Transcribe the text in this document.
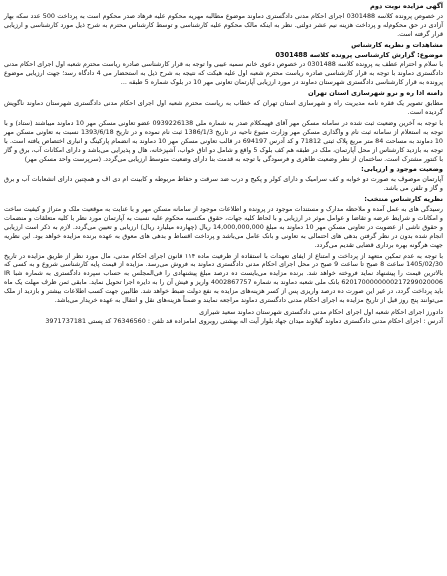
آگهی مزایده نوبت دوم
در خصوص پرونده کلاسه 0301488 اجرای احکام مدنی دادگستری دماوند موضوع مطالبه مهریه محکوم علیه فرهاد صدر محکوم است به پرداخت 500 عدد سکه بهار آزادی در حق محکوم‌له و پرداخت هزینه نیم عشر دولتی. نظر به اینکه مالک محکوم علیه کارشناسی و توسط کارشناس محترم به شرح ذیل مورد کارشناسی و ارزیابی قرار گرفته است.
مشاهدات و نظریه کارشناس
موضوع: گزارش کارشناسی پرونده کلاسه 0301488
با سلام و احترام عطف به پرونده کلاسه 0301488 در خصوص دعوی خانم سمیه عیبی وا توجه به قرار کارشناسی صادره ریاست محترم شعبه اول اجرای احکام مدنی دادگستری دماوند با توجه به قرار کارشناسی صادره ریاست محترم شعبه اول علیه هیکت که نتیجه به شرح ذیل به استحضار می 4 دادگاه رسد؛ جهت ارزیابی موضوع پرونده به قرار کارشناسی دادگستری شهرستان دماوند در مورد ارزیابی آپارتمان تعاونی مهر 10 در بلوک شماره 5 طبقه ...
دامنه اذا ره و نرو شهرسازی استان تهران
مطابق تصویر یک فقره نامه مدیریت راه و شهرسازی استان تهران که خطاب به ریاست محترم شعبه اول اجرای احکام مدنی دادگستری شهرستان دماوند ناگویش گردیده است.
با توجه به آخرین وضعیت ثبت شده در سامانه مسکن مهر آقای فهیمکلام صدر به شماره ملی 0939226138 عضو تعاونی مسکن مهر 10 دماوند میباشند (ستاد) و با توجه به استعلام از سامانه ثبت نام و واگذاری مسکن مهر وزارت متبوع ناحیه در تاریخ 1386/1/3 ثبت نام نموده و در تاریخ 1393/6/18 نسبت به تعاونی مسکن مهر 10 دماوند به مساحت 84 متر مربع پلاک ثبتی 71812 و کد آدرس 694197 در قالب تعاونی مسکن مهر 10 دماوند به انضمام پارکینگ و انباری اختصاص یافته است. با توجه به بازدید کارشناس از محل آپارتمان، ملک در طبقه هم کف بلوک 5 واقع و شامل دو اتاق خواب، آشپزخانه، هال و پذیرایی می‌باشد و دارای امکانات آب، برق و گاز با کنتور مشترک است. ساختمان از نظر وضعیت ظاهری و فرسودگی با توجه به قدمت بنا دارای وضعیت متوسط ارزیابی می‌گردد. (سرپرست واحد مسکن مهر)
وضعیت موجود و ارزیابی:
آپارتمان موصوف به صورت دو خوابه و کف سرامیک و دارای کولر و پکیج و درب ضد سرقت و حفاظ مربوطه و کابینت ام دی اف و همچنین دارای انشعابات آب و برق و گاز و تلفن می باشد.
نظریه کارشناس منتخب:
رسیدگی های به عمل آمده و ملاحظه مدارک و مستندات موجود در پرونده و اطلاعات موجود از سامانه مسکن مهر و با عنایت به موقعیت ملک و متراژ و کیفیت ساخت و امکانات و شرایط عرضه و تقاضا و عوامل موثر در ارزیابی و با لحاظ کلیه جهات، حقوق مکتسبه محکوم علیه نسبت به آپارتمان مورد نظر با کلیه متعلقات و منضمات و حقوق ناشی از عضویت در تعاونی مسکن مهر 10 دماوند به مبلغ 14,000,000,000 ریال (چهارده میلیارد ریال) ارزیابی و تعیین می‌گردد. لازم به ذکر است ارزیابی انجام شده بدون در نظر گرفتن بدهی های احتمالی به تعاونی و بانک عامل می‌باشد و پرداخت اقساط و بدهی های معوق به عهده برنده مزایده خواهد بود. این نظریه جهت هرگونه بهره برداری قضایی تقدیم می‌گردد.
با توجه به عدم تمکین متعهد از پرداخت و امتناع از ایفای تعهدات با استفاده از ظرفیت ماده ۱۱۴ قانون اجرای احکام مدنی، مال مورد نظر از طریق مزایده در تاریخ 1405/02/30 ساعت 8 صبح تا ساعت 9 صبح در محل اجرای احکام مدنی دادگستری دماوند به فروش می‌رسد. مزایده از قیمت پایه کارشناسی شروع و به کسی که بالاترین قیمت را پیشنهاد نماید فروخته خواهد شد. برنده مزایده می‌بایست ده درصد مبلغ پیشنهادی را فی‌المجلس به حساب سپرده دادگستری به شماره شبا IR 6201700000000217299020006 بانک ملی شعبه دماوند به شماره 4002867757 واریز و فیش آن را به دایره اجرا تحویل نماید. مابقی ثمن ظرف مهلت یک ماه باید پرداخت گردد، در غیر این صورت ده درصد واریزی پس از کسر هزینه‌های مزایده به نفع دولت ضبط خواهد شد. طالبین جهت کسب اطلاعات بیشتر و بازدید از ملک می‌توانند پنج روز قبل از تاریخ مزایده به اجرای احکام مدنی دادگستری دماوند مراجعه نمایند و ضمناً هزینه‌های نقل و انتقال به عهده خریدار می‌باشد.
دادورز اجرای احکام شعبه اول اجرای احکام مدنی دادگستری شهرستان دماوند سعید شیرازی
آدرس : اجرای احکام مدنی دادگستری دماوند گیلاوند میدان جهاد بلوار آیت اله بهشتی روبروی امامزاده قد تلفن : 76346560 کد پستی 3971737181
